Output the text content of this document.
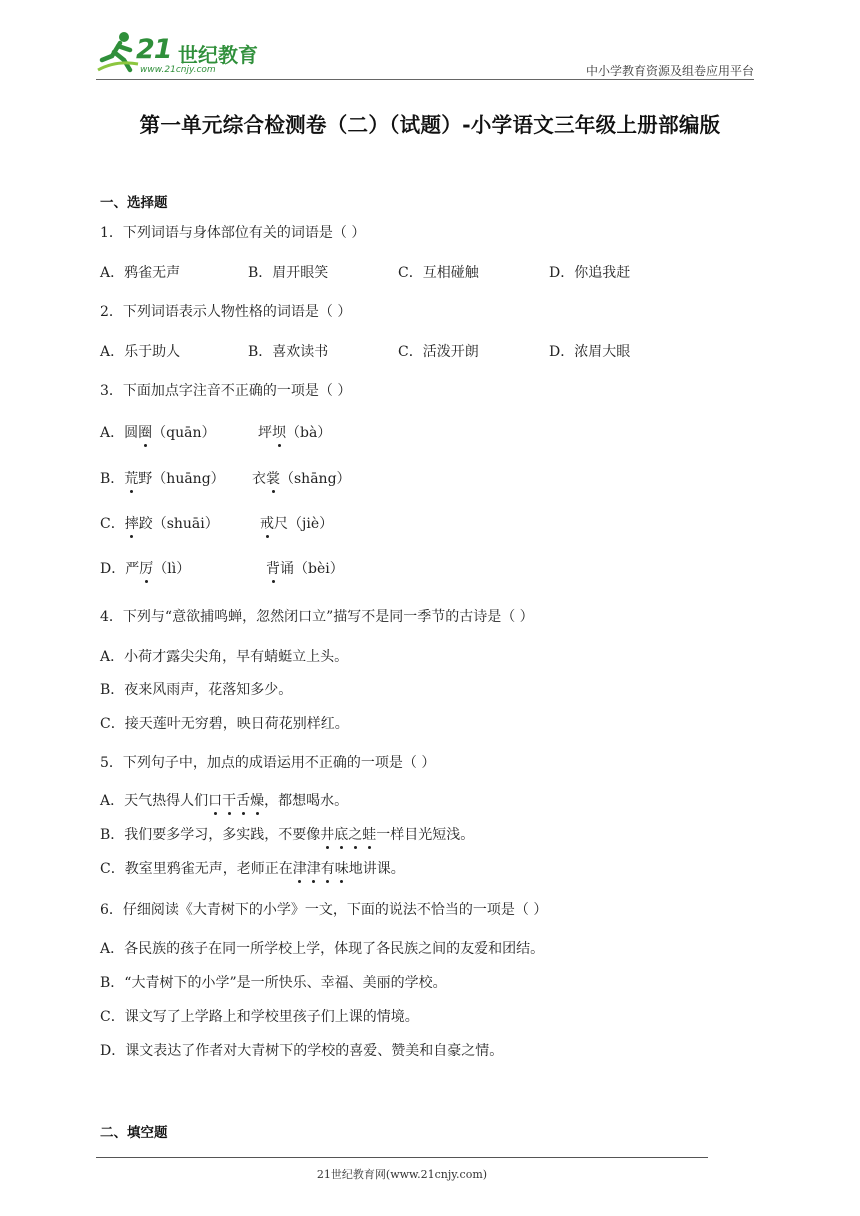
21 世纪教育
www.21cnjy.com	中小学教育资源及组卷应用平台
第一单元综合检测卷（二）（试题）-小学语文三年级上册部编版
一、选择题
1．下列词语与身体部位有关的词语是（ ）
A．鸦雀无声	B．眉开眼笑	C．互相碰触	D．你追我赶
2．下列词语表示人物性格的词语是（ ）
A．乐于助人	B．喜欢读书	C．活泼开朗	D．浓眉大眼
3．下面加点字注音不正确的一项是（ ）
A．圆圈（quān）	坪坝（bà）
B．荒野（huāng） 衣裳（shāng）
C．摔跤（shuāi）	戒尺（jiè）
D．严厉（lì）	背诵（bèi）
4．下列与“意欲捕鸣蝉，忽然闭口立”描写不是同一季节的古诗是（ ）
A．小荷才露尖尖角，早有蜻蜓立上头。
B．夜来风雨声，花落知多少。
C．接天莲叶无穷碧，映日荷花别样红。
5．下列句子中，加点的成语运用不正确的一项是（ ）
A．天气热得人们口干舌燥，都想喝水。
B．我们要多学习，多实践，不要像井底之蛙一样目光短浅。
C．教室里鸦雀无声，老师正在津津有味地讲课。
6．仔细阅读《大青树下的小学》一文，下面的说法不恰当的一项是（ ）
A．各民族的孩子在同一所学校上学，体现了各民族之间的友爱和团结。
B．“大青树下的小学”是一所快乐、幸福、美丽的学校。
C．课文写了上学路上和学校里孩子们上课的情境。
D．课文表达了作者对大青树下的学校的喜爱、赞美和自豪之情。
二、填空题
21世纪教育网(www.21cnjy.com)
